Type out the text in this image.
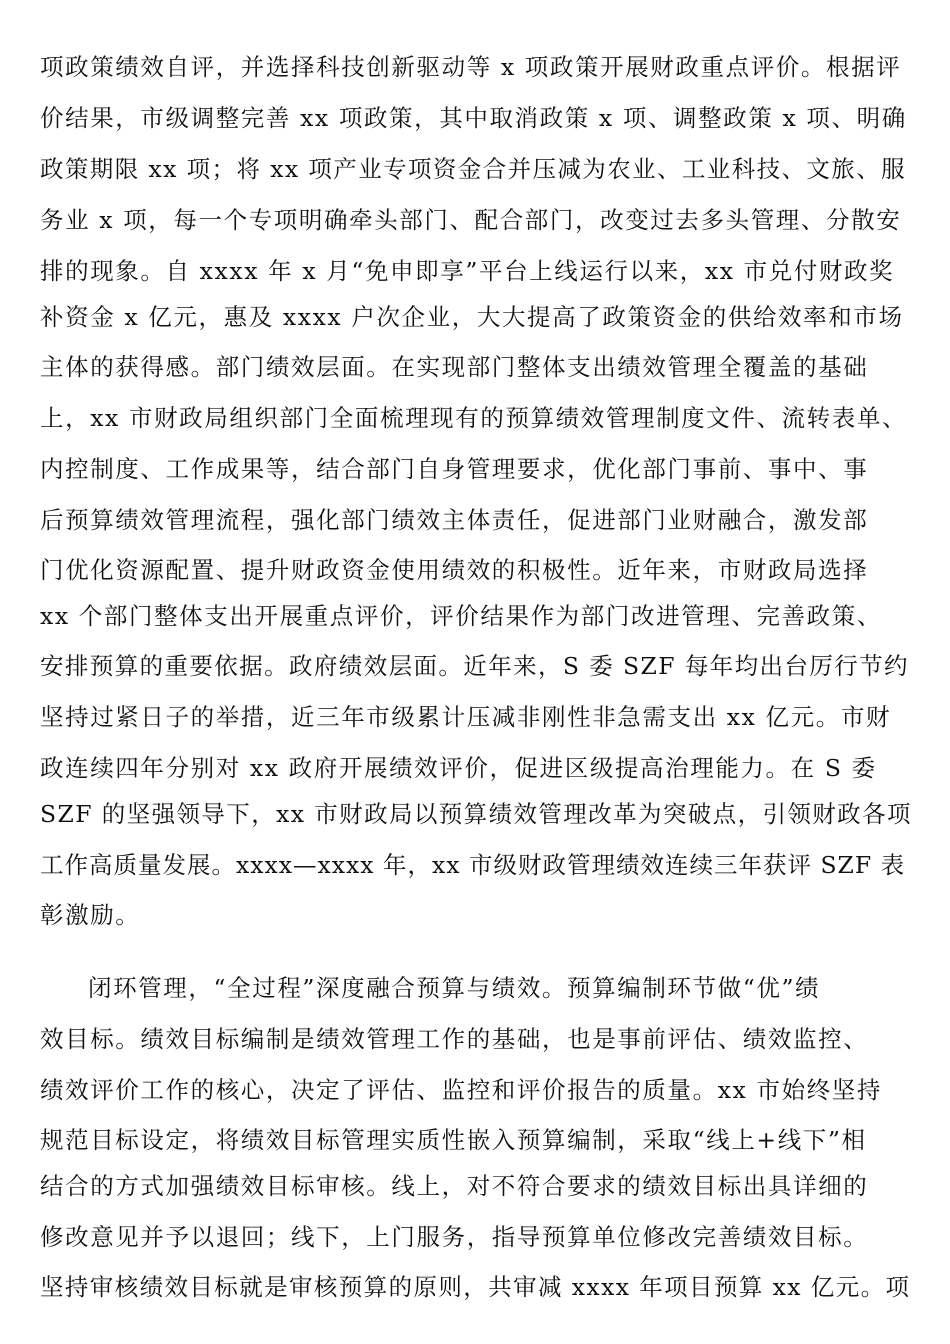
项政策绩效自评，并选择科技创新驱动等 x 项政策开展财政重点评价。根据评
价结果，市级调整完善 xx 项政策，其中取消政策 x 项、调整政策 x 项、明确
政策期限 xx 项；将 xx 项产业专项资金合并压减为农业、工业科技、文旅、服
务业 x 项，每一个专项明确牵头部门、配合部门，改变过去多头管理、分散安
排的现象。自 xxxx 年 x 月“免申即享”平台上线运行以来，xx 市兑付财政奖
补资金 x 亿元，惠及 xxxx 户次企业，大大提高了政策资金的供给效率和市场
主体的获得感。部门绩效层面。在实现部门整体支出绩效管理全覆盖的基础
上，xx 市财政局组织部门全面梳理现有的预算绩效管理制度文件、流转表单、
内控制度、工作成果等，结合部门自身管理要求，优化部门事前、事中、事
后预算绩效管理流程，强化部门绩效主体责任，促进部门业财融合，激发部
门优化资源配置、提升财政资金使用绩效的积极性。近年来，市财政局选择
xx 个部门整体支出开展重点评价，评价结果作为部门改进管理、完善政策、
安排预算的重要依据。政府绩效层面。近年来，S 委 SZF 每年均出台厉行节约
坚持过紧日子的举措，近三年市级累计压减非刚性非急需支出 xx 亿元。市财
政连续四年分别对 xx 政府开展绩效评价，促进区级提高治理能力。在 S 委
SZF 的坚强领导下，xx 市财政局以预算绩效管理改革为突破点，引领财政各项
工作高质量发展。xxxx—xxxx 年，xx 市级财政管理绩效连续三年获评 SZF 表
彰激励。
闭环管理，“全过程”深度融合预算与绩效。预算编制环节做“优”绩
效目标。绩效目标编制是绩效管理工作的基础，也是事前评估、绩效监控、
绩效评价工作的核心，决定了评估、监控和评价报告的质量。xx 市始终坚持
规范目标设定，将绩效目标管理实质性嵌入预算编制，采取“线上+线下”相
结合的方式加强绩效目标审核。线上，对不符合要求的绩效目标出具详细的
修改意见并予以退回；线下，上门服务，指导预算单位修改完善绩效目标。
坚持审核绩效目标就是审核预算的原则，共审减 xxxx 年项目预算 xx 亿元。项
